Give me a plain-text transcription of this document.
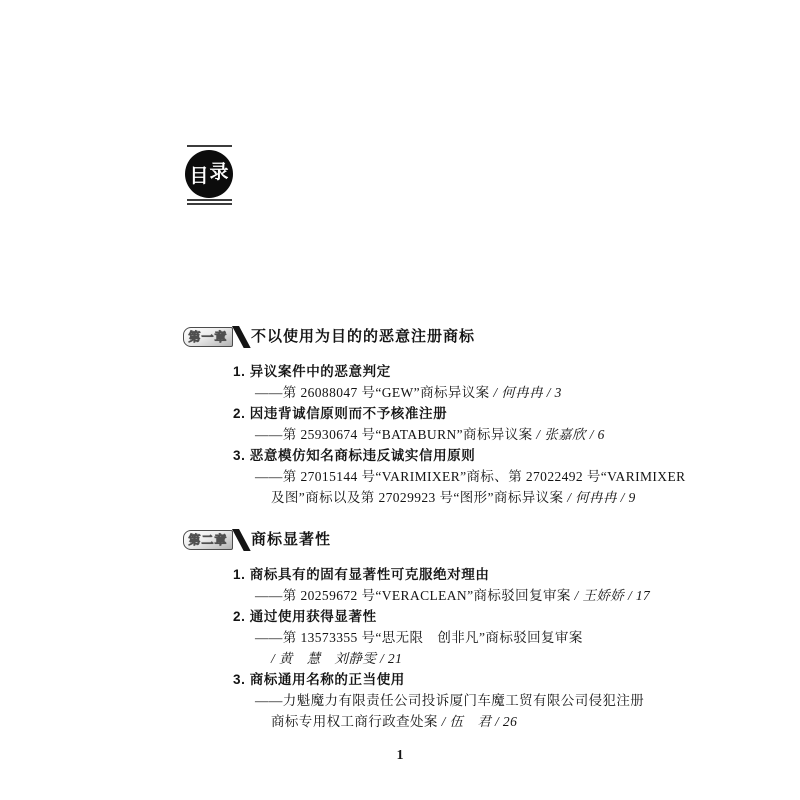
目 录
第一章 不以使用为目的的恶意注册商标
1. 异议案件中的恶意判定
——第 26088047 号“GEW”商标异议案 / 何冉冉 / 3
2. 因违背诚信原则而不予核准注册
——第 25930674 号“BATABURN”商标异议案 / 张嘉欣 / 6
3. 恶意模仿知名商标违反诚实信用原则
——第 27015144 号“VARIMIXER”商标、第 27022492 号“VARIMIXER
及图”商标以及第 27029923 号“图形”商标异议案 / 何冉冉 / 9
第二章 商标显著性
1. 商标具有的固有显著性可克服绝对理由
——第 20259672 号“VERACLEAN”商标驳回复审案 / 王娇娇 / 17
2. 通过使用获得显著性
——第 13573355 号“思无限　创非凡”商标驳回复审案
/ 黄　慧　刘静雯 / 21
3. 商标通用名称的正当使用
——力魁魔力有限责任公司投诉厦门车魔工贸有限公司侵犯注册
商标专用权工商行政查处案 / 伍　君 / 26
1
